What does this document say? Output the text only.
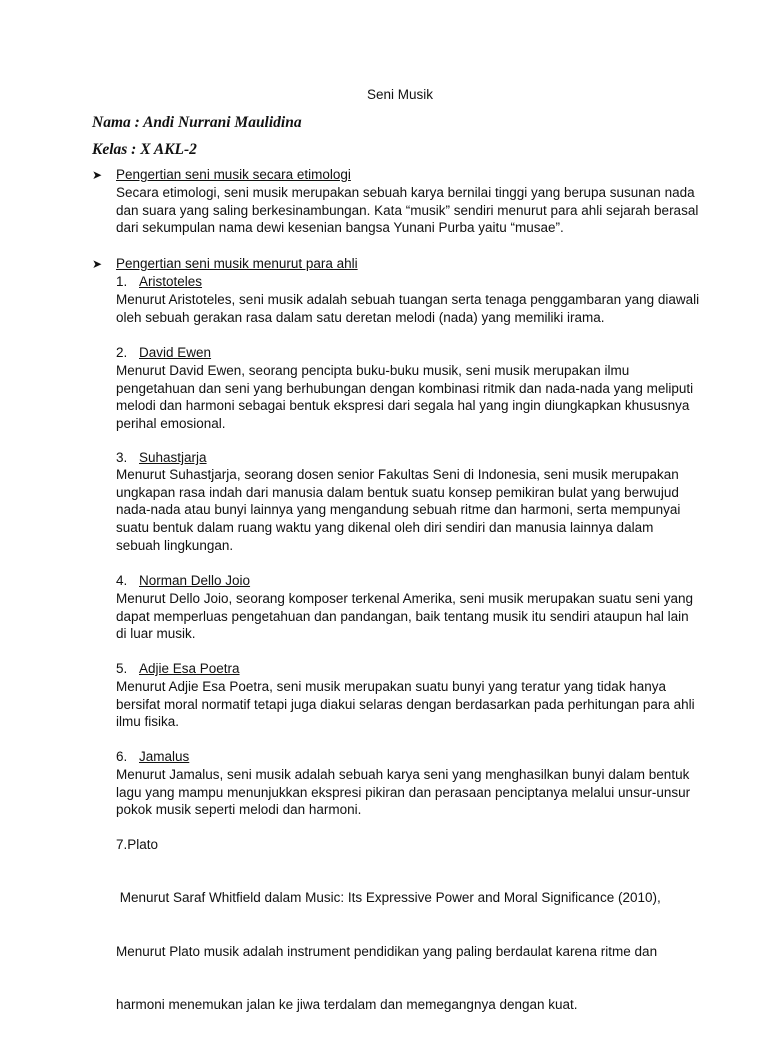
Seni Musik
Nama : Andi Nurrani Maulidina
Kelas : X AKL-2
➤ Pengertian seni musik secara etimologi
Secara etimologi, seni musik merupakan sebuah karya bernilai tinggi yang berupa susunan nada
dan suara yang saling berkesinambungan. Kata “musik” sendiri menurut para ahli sejarah berasal
dari sekumpulan nama dewi kesenian bangsa Yunani Purba yaitu “musae”.
➤ Pengertian seni musik menurut para ahli
1. Aristoteles
Menurut Aristoteles, seni musik adalah sebuah tuangan serta tenaga penggambaran yang diawali
oleh sebuah gerakan rasa dalam satu deretan melodi (nada) yang memiliki irama.
2. David Ewen
Menurut David Ewen, seorang pencipta buku-buku musik, seni musik merupakan ilmu
pengetahuan dan seni yang berhubungan dengan kombinasi ritmik dan nada-nada yang meliputi
melodi dan harmoni sebagai bentuk ekspresi dari segala hal yang ingin diungkapkan khususnya
perihal emosional.
3. Suhastjarja
Menurut Suhastjarja, seorang dosen senior Fakultas Seni di Indonesia, seni musik merupakan
ungkapan rasa indah dari manusia dalam bentuk suatu konsep pemikiran bulat yang berwujud
nada-nada atau bunyi lainnya yang mengandung sebuah ritme dan harmoni, serta mempunyai
suatu bentuk dalam ruang waktu yang dikenal oleh diri sendiri dan manusia lainnya dalam
sebuah lingkungan.
4. Norman Dello Joio
Menurut Dello Joio, seorang komposer terkenal Amerika, seni musik merupakan suatu seni yang
dapat memperluas pengetahuan dan pandangan, baik tentang musik itu sendiri ataupun hal lain
di luar musik.
5. Adjie Esa Poetra
Menurut Adjie Esa Poetra, seni musik merupakan suatu bunyi yang teratur yang tidak hanya
bersifat moral normatif tetapi juga diakui selaras dengan berdasarkan pada perhitungan para ahli
ilmu fisika.
6. Jamalus
Menurut Jamalus, seni musik adalah sebuah karya seni yang menghasilkan bunyi dalam bentuk
lagu yang mampu menunjukkan ekspresi pikiran dan perasaan penciptanya melalui unsur-unsur
pokok musik seperti melodi dan harmoni.
7.Plato

Menurut Saraf Whitfield dalam Music: Its Expressive Power and Moral Significance (2010),

Menurut Plato musik adalah instrument pendidikan yang paling berdaulat karena ritme dan

harmoni menemukan jalan ke jiwa terdalam dan memegangnya dengan kuat.
